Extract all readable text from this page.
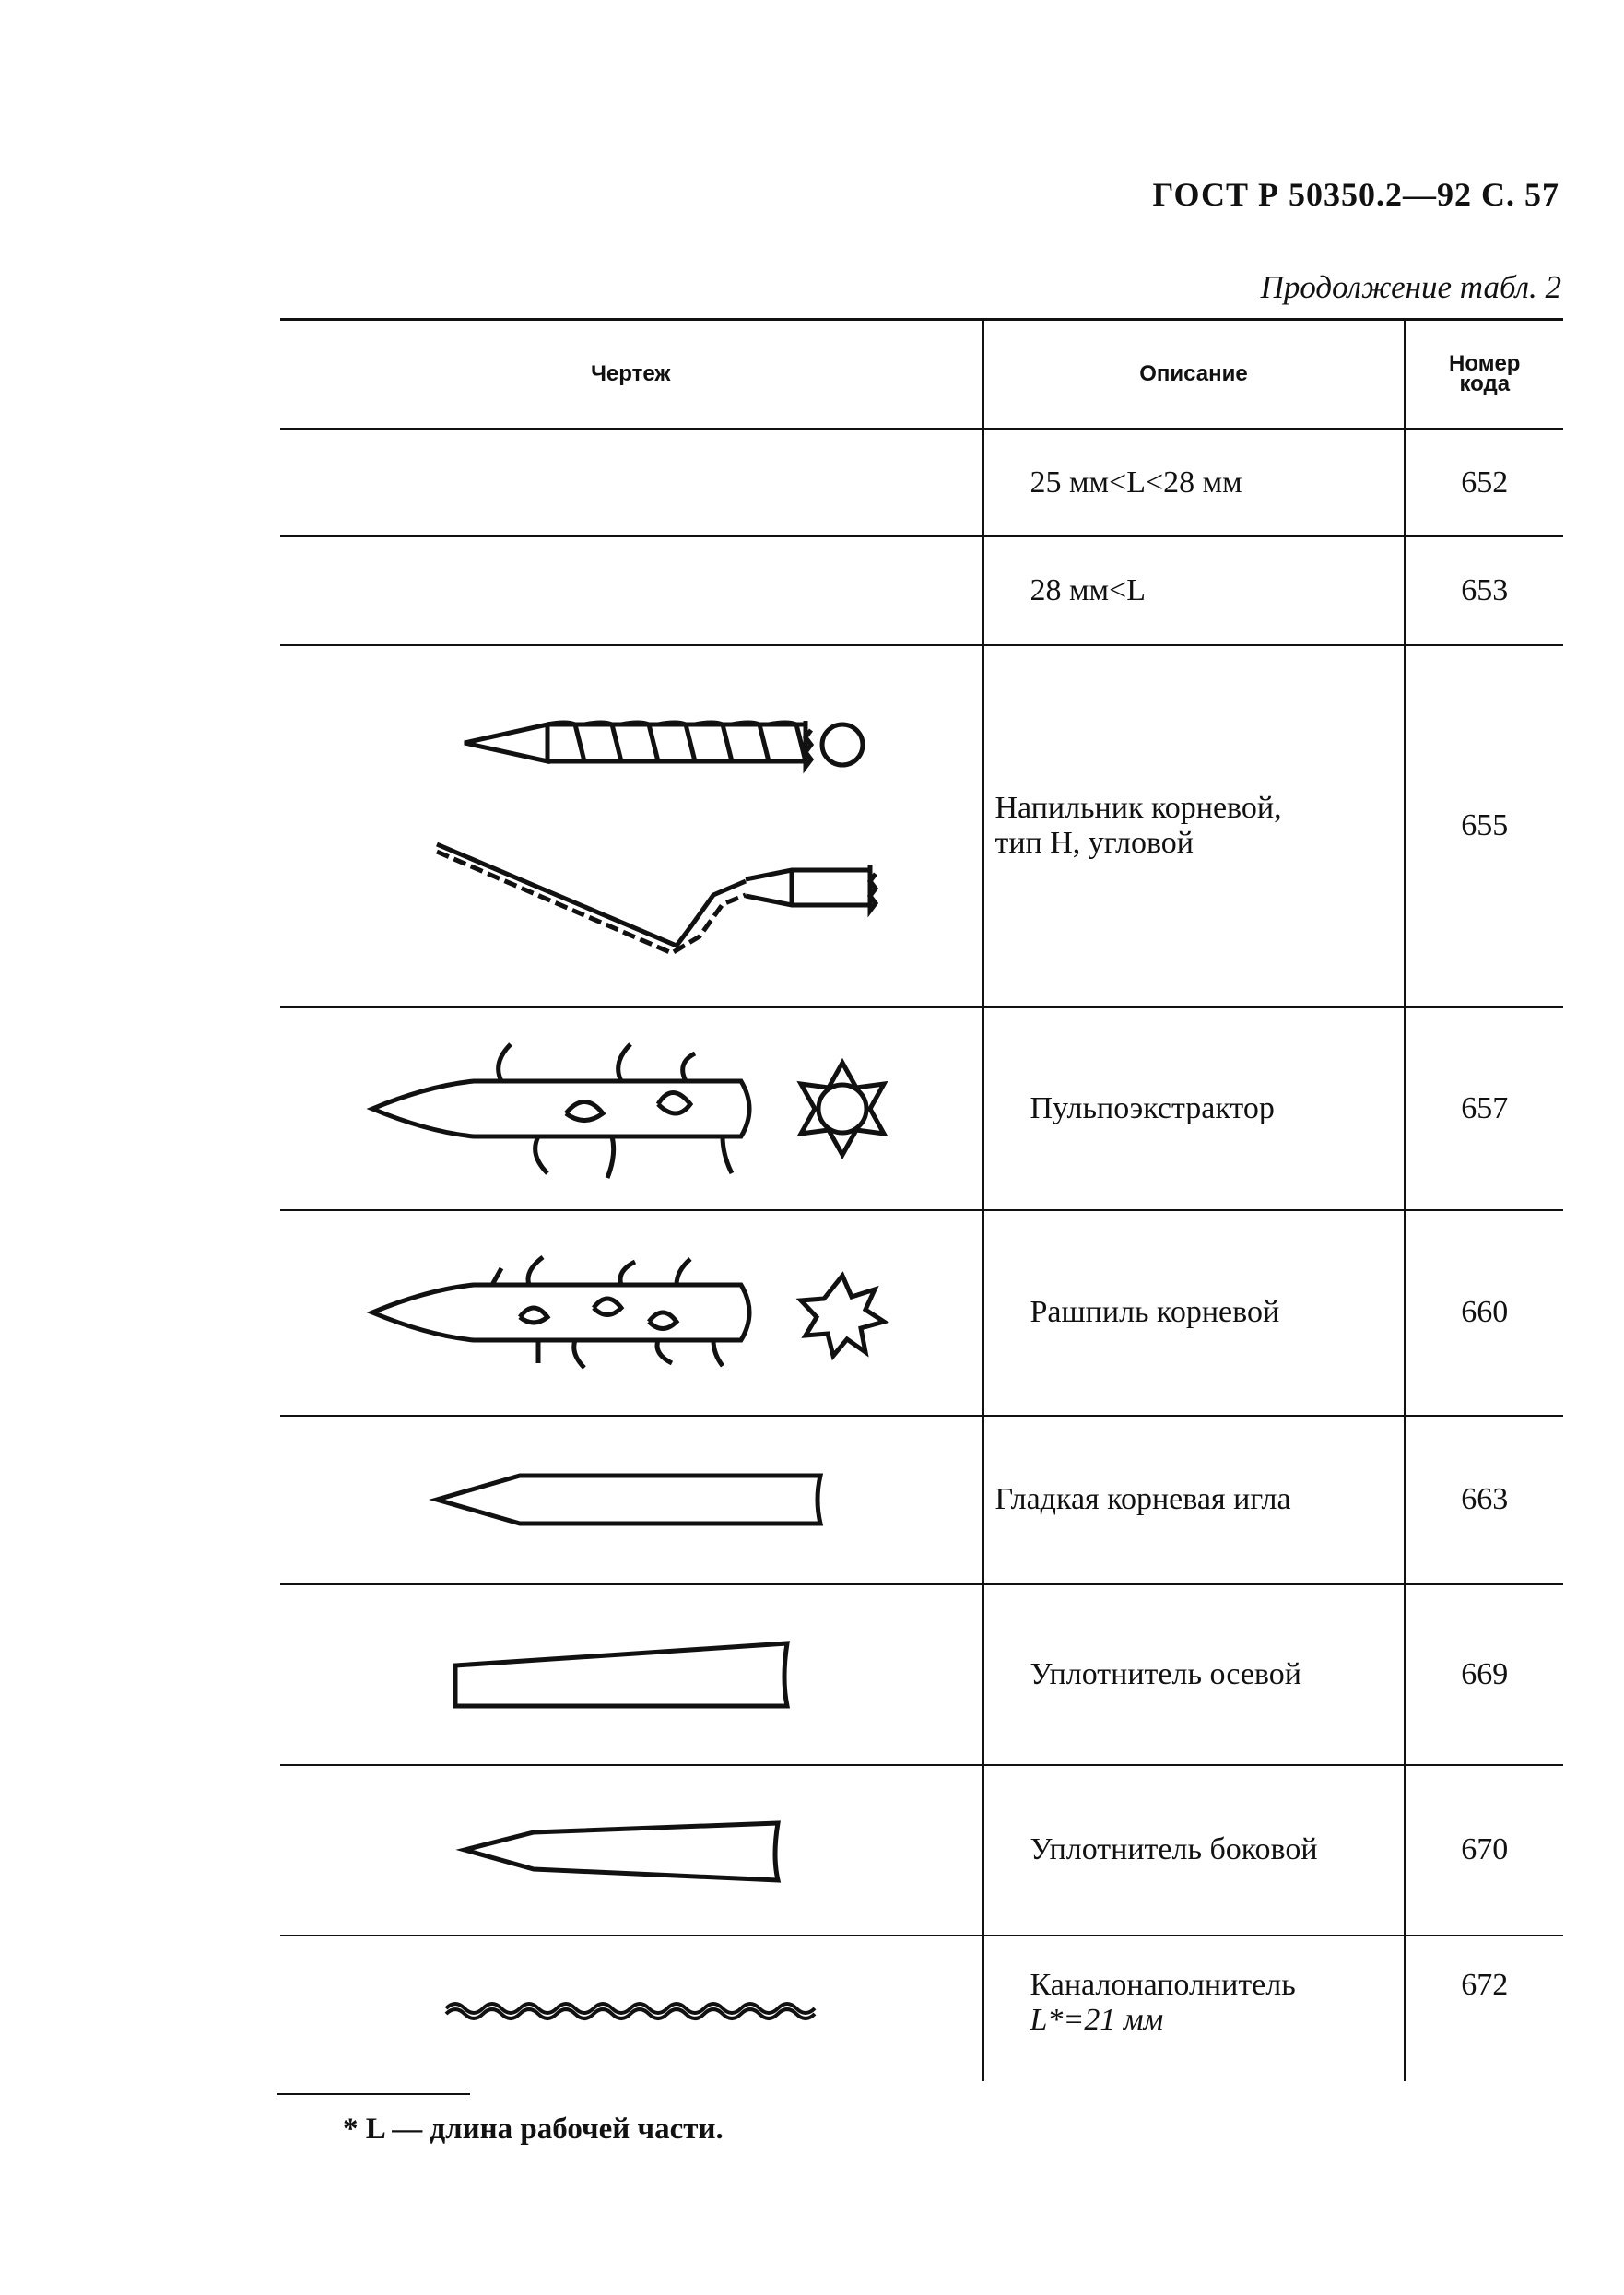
ГОСТ Р 50350.2—92 С. 57
Продолжение табл. 2
Чертеж	Описание	Номер
кода
	25 мм<L<28 мм	652
	28 мм<L	653

	Напильник корневой,
тип Н, угловой	655

	Пульпоэкстрактор	657

	Рашпиль корневой	660

	Гладкая корневая игла	663

	Уплотнитель осевой	669

	Уплотнитель боковой	670

	Каналонаполнитель
L*=21 мм	672
* L — длина рабочей части.
